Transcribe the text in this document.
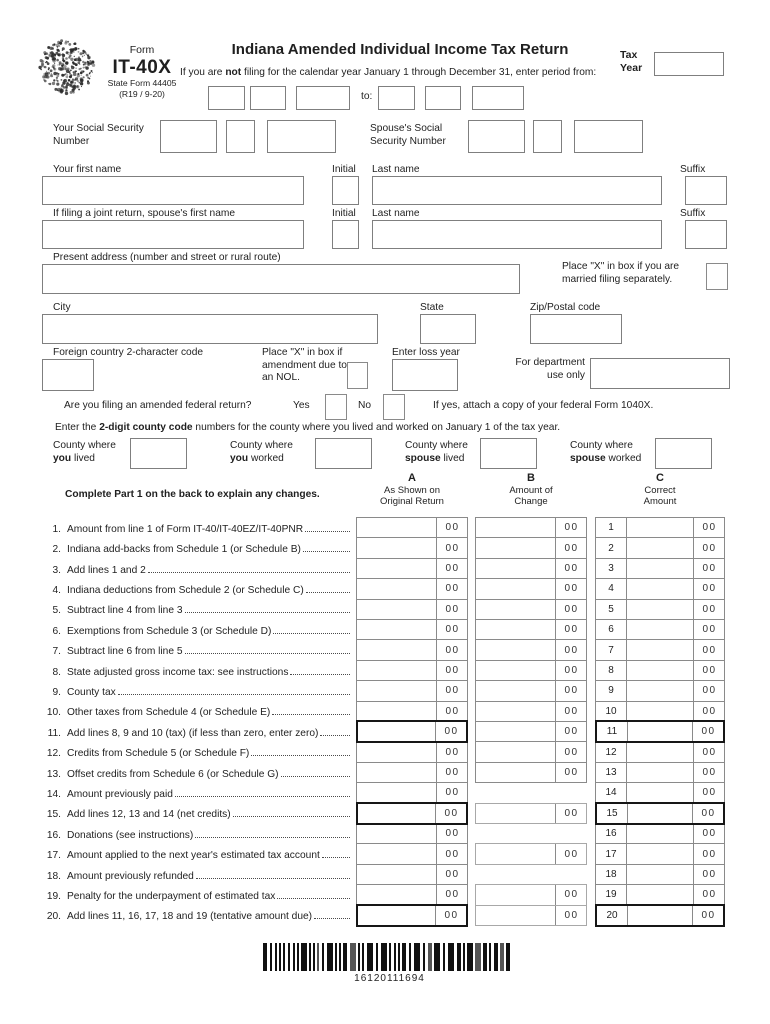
Form
IT-40X
State Form 44405
(R19 / 9-20)
Indiana Amended Individual Income Tax Return
If you are not filing for the calendar year January 1 through December 31, enter period from:
to:
Tax Year
Your Social Security Number
Spouse's Social Security Number
Your first name	Initial Last name	Suffix
If filing a joint return, spouse's first name	Initial Last name	Suffix
Present address (number and street or rural route)
Place "X" in box if you are married filing separately.
City	State	Zip/Postal code
Foreign country 2-character code	Place "X" in box if amendment due to an NOL.
Enter loss year
For department use only
Are you filing an amended federal return?	Yes	No	If yes, attach a copy of your federal Form 1040X.
Enter the 2-digit county code numbers for the county where you lived and worked on January 1 of the tax year.
County where
you lived
County where
you worked
County where
spouse lived
County where
spouse worked
Complete Part 1 on the back to explain any changes.
A
As Shown on
Original Return
B
Amount of
Change
C
Correct
Amount
1 . Amount from line 1 of Form IT-40/IT-40EZ/IT-40PNR	00	00	1	00
2 . Indiana add-backs from Schedule 1 (or Schedule B)	00	00	2	00
3 . Add lines 1 and 2	00	00	3	00
4 . Indiana deductions from Schedule 2 (or Schedule C)	00	00	4	00
5 . Subtract line 4 from line 3	00	00	5	00
6 . Exemptions from Schedule 3 (or Schedule D)	00	00	6	00
7 . Subtract line 6 from line 5	00	00	7	00
8 . State adjusted gross income tax: see instructions	00	00	8	00
9 . County tax	00	00	9	00
10 . Other taxes from Schedule 4 (or Schedule E)	00	00	10	00
11 . Add lines 8, 9 and 10 (tax) (if less than zero, enter zero)	00	00	11	00
12 . Credits from Schedule 5 (or Schedule F)	00	00	12	00
13 . Offset credits from Schedule 6 (or Schedule G)	00	00	13	00
14 . Amount previously paid	00	14	00
15 . Add lines 12, 13 and 14 (net credits)	00	00	15	00
16 . Donations (see instructions)	00	16	00
17 . Amount applied to the next year's estimated tax account	00	00	17	00
18 . Amount previously refunded	00	18	00
19 . Penalty for the underpayment of estimated tax	00	00	19	00
20 . Add lines 11, 16, 17, 18 and 19 (tentative amount due)	00	00	20	00
16120111694
